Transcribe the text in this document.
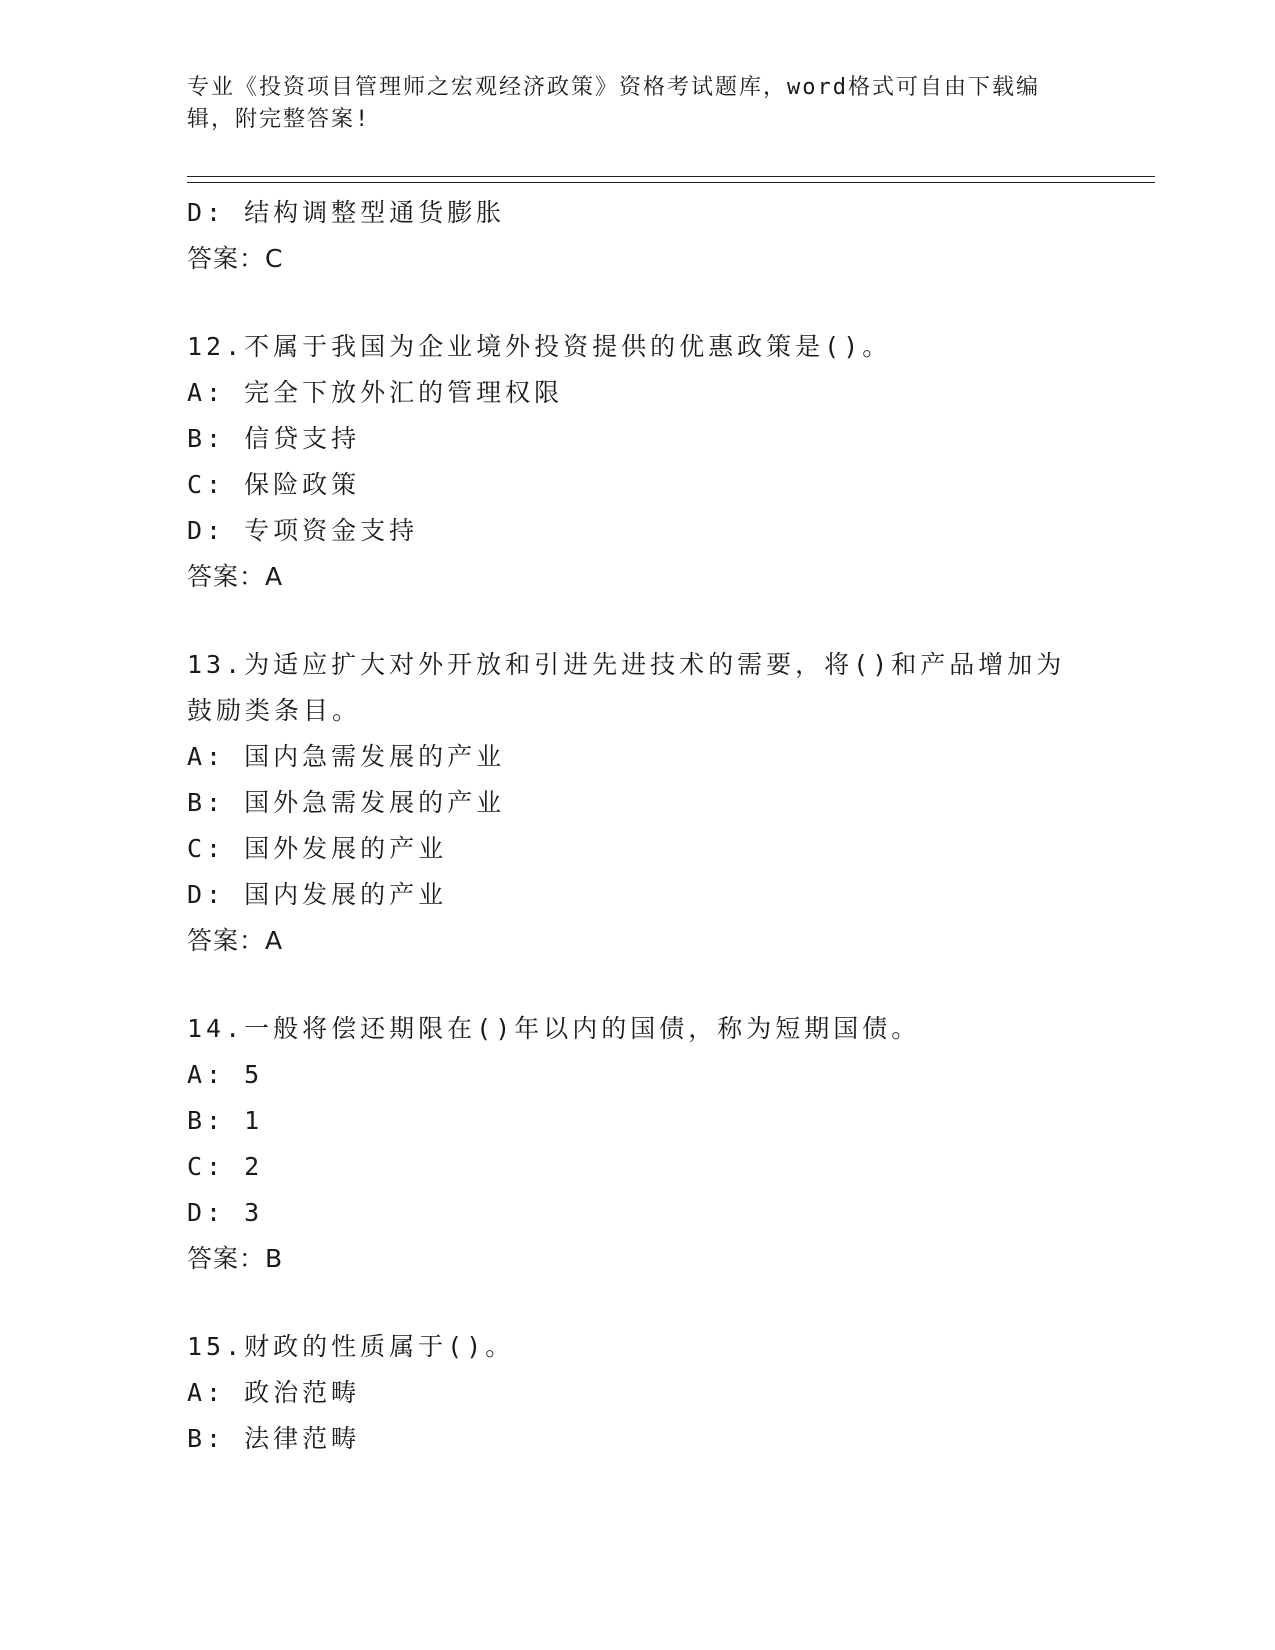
专业《投资项目管理师之宏观经济政策》资格考试题库，word格式可自由下载编辑，附完整答案!
D: 结构调整型通货膨胀
答案：C
12.不属于我国为企业境外投资提供的优惠政策是()。
A: 完全下放外汇的管理权限
B: 信贷支持
C: 保险政策
D: 专项资金支持
答案：A
13.为适应扩大对外开放和引进先进技术的需要，将()和产品增加为鼓励类条目。
A: 国内急需发展的产业
B: 国外急需发展的产业
C: 国外发展的产业
D: 国内发展的产业
答案：A
14.一般将偿还期限在()年以内的国债，称为短期国债。
A: 5
B: 1
C: 2
D: 3
答案：B
15.财政的性质属于()。
A: 政治范畴
B: 法律范畴
